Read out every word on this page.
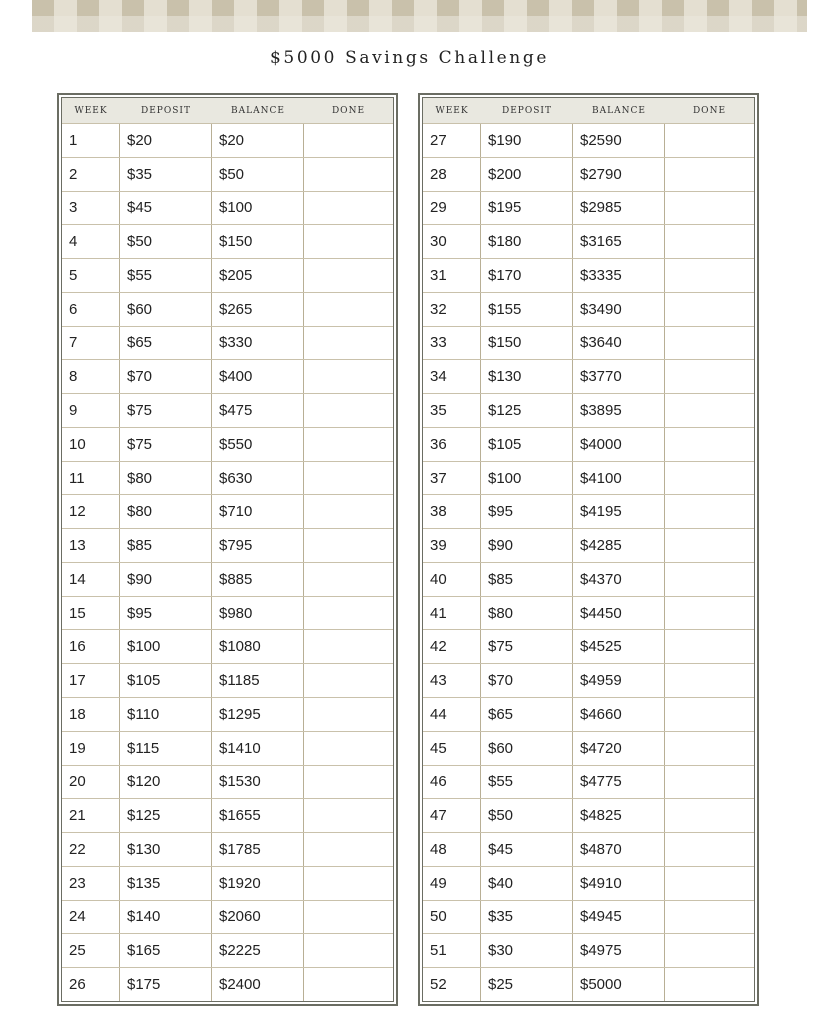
$5000 Savings Challenge
WEEK	DEPOSIT	BALANCE	DONE
1	$20	$20
2	$35	$50
3	$45	$100
4	$50	$150
5	$55	$205
6	$60	$265
7	$65	$330
8	$70	$400
9	$75	$475
10	$75	$550
11	$80	$630
12	$80	$710
13	$85	$795
14	$90	$885
15	$95	$980
16	$100	$1080
17	$105	$1185
18	$110	$1295
19	$115	$1410
20	$120	$1530
21	$125	$1655
22	$130	$1785
23	$135	$1920
24	$140	$2060
25	$165	$2225
26	$175	$2400
WEEK	DEPOSIT	BALANCE	DONE
27	$190	$2590
28	$200	$2790
29	$195	$2985
30	$180	$3165
31	$170	$3335
32	$155	$3490
33	$150	$3640
34	$130	$3770
35	$125	$3895
36	$105	$4000
37	$100	$4100
38	$95	$4195
39	$90	$4285
40	$85	$4370
41	$80	$4450
42	$75	$4525
43	$70	$4959
44	$65	$4660
45	$60	$4720
46	$55	$4775
47	$50	$4825
48	$45	$4870
49	$40	$4910
50	$35	$4945
51	$30	$4975
52	$25	$5000
